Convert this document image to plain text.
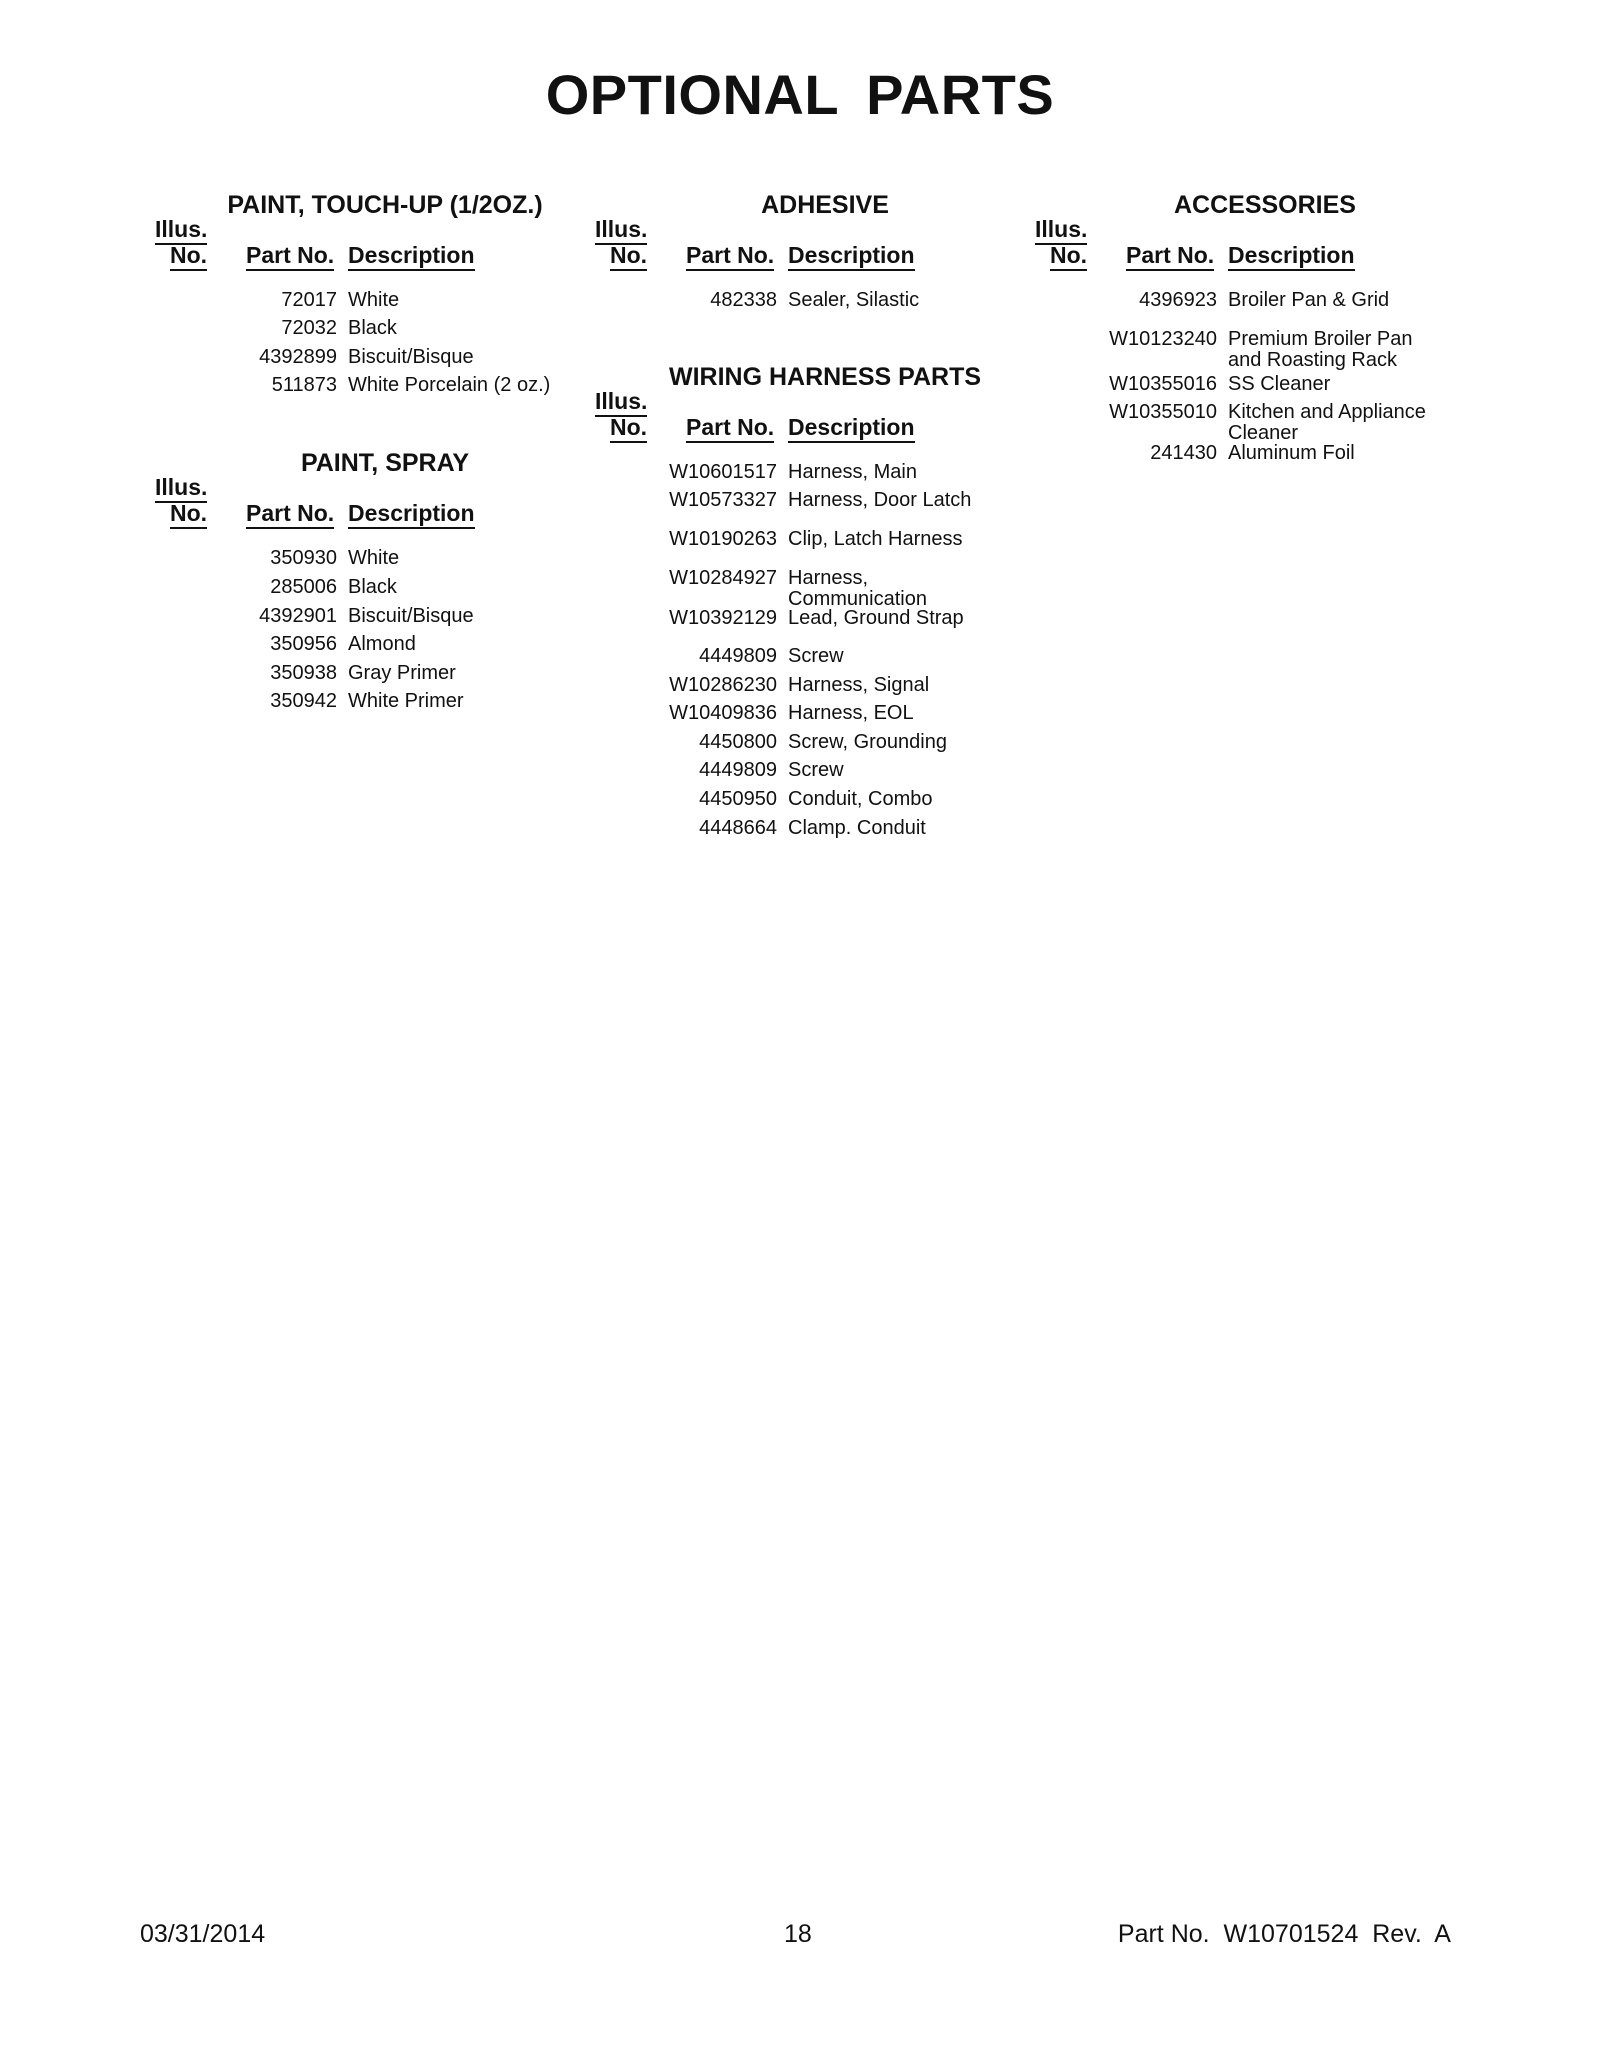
OPTIONAL PARTS
PAINT, TOUCH-UP (1/2OZ.)
Illus.
No. Part No. Description
72017 White
72032 Black
4392899 Biscuit/Bisque
511873 White Porcelain (2 oz.)
PAINT, SPRAY
Illus.
No. Part No. Description
350930 White
285006 Black
4392901 Biscuit/Bisque
350956 Almond
350938 Gray Primer
350942 White Primer
ADHESIVE
Illus.
No. Part No. Description
482338 Sealer, Silastic
WIRING HARNESS PARTS
Illus.
No. Part No. Description
W10601517 Harness, Main
W10573327 Harness, Door Latch
W10190263 Clip, Latch Harness
W10284927 Harness, Communication
W10392129 Lead, Ground Strap
4449809 Screw
W10286230 Harness, Signal
W10409836 Harness, EOL
4450800 Screw, Grounding
4449809 Screw
4450950 Conduit, Combo
4448664 Clamp. Conduit
ACCESSORIES
Illus.
No. Part No. Description
4396923 Broiler Pan & Grid
W10123240 Premium Broiler Pan and Roasting Rack
W10355016 SS Cleaner
W10355010 Kitchen and Appliance Cleaner
241430 Aluminum Foil
03/31/2014	18	Part No. W10701524 Rev.  A
